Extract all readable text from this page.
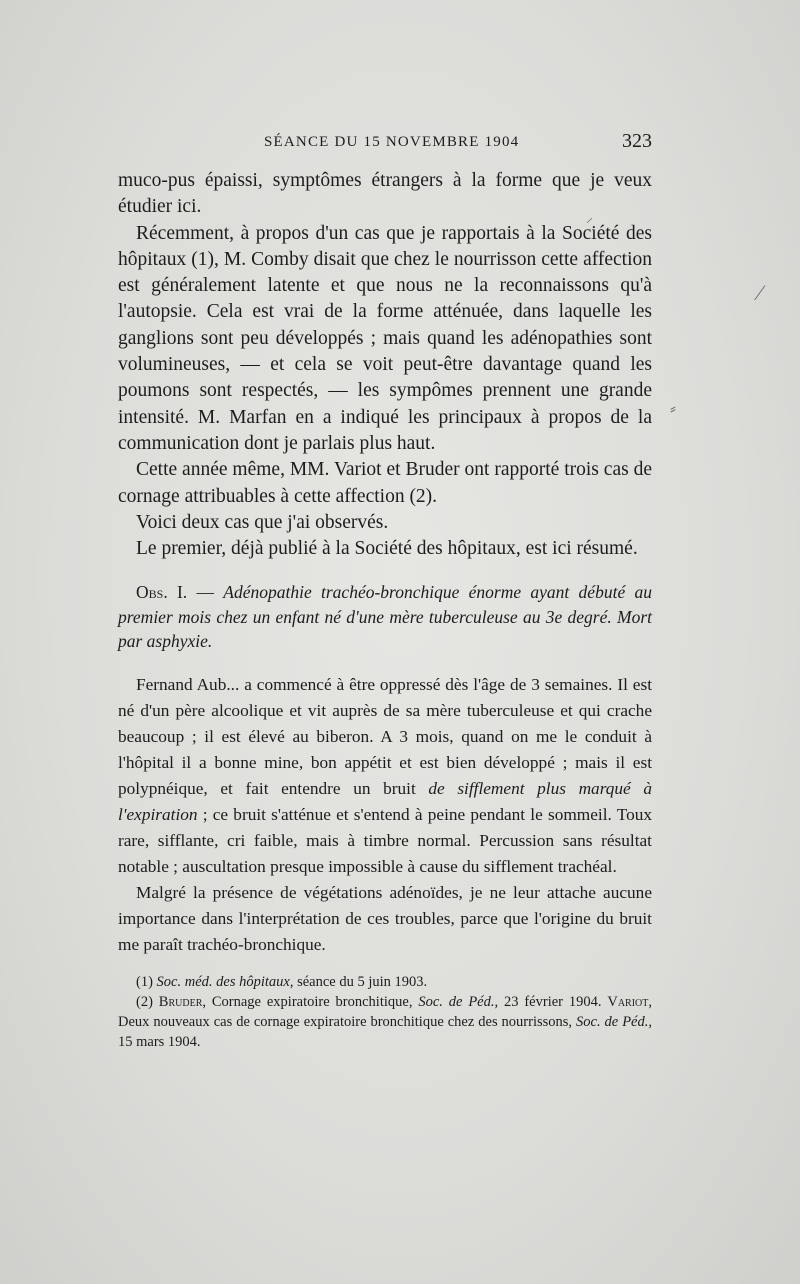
SÉANCE DU 15 NOVEMBRE 1904	323

muco-pus épaissi, symptômes étrangers à la forme que je veux étudier ici.

Récemment, à propos d'un cas que je rapportais à la Société des hôpitaux (1), M. Comby disait que chez le nourrisson cette affection est généralement latente et que nous ne la reconnaissons qu'à l'autopsie. Cela est vrai de la forme atténuée, dans laquelle les ganglions sont peu développés ; mais quand les adénopathies sont volumineuses, — et cela se voit peut-être davantage quand les poumons sont respectés, — les sympômes prennent une grande intensité. M. Marfan en a indiqué les principaux à propos de la communication dont je parlais plus haut.

Cette année même, MM. Variot et Bruder ont rapporté trois cas de cornage attribuables à cette affection (2).

Voici deux cas que j'ai observés.

Le premier, déjà publié à la Société des hôpitaux, est ici résumé.

Obs. I. — Adénopathie trachéo-bronchique énorme ayant débuté au premier mois chez un enfant né d'une mère tuberculeuse au 3e degré. Mort par asphyxie.

Fernand Aub... a commencé à être oppressé dès l'âge de 3 semaines. Il est né d'un père alcoolique et vit auprès de sa mère tuberculeuse et qui crache beaucoup ; il est élevé au biberon. A 3 mois, quand on me le conduit à l'hôpital il a bonne mine, bon appétit et est bien développé ; mais il est polypnéique, et fait entendre un bruit de sifflement plus marqué à l'expiration ; ce bruit s'atténue et s'entend à peine pendant le sommeil. Toux rare, sifflante, cri faible, mais à timbre normal. Percussion sans résultat notable ; auscultation presque impossible à cause du sifflement trachéal.

Malgré la présence de végétations adénoïdes, je ne leur attache aucune importance dans l'interprétation de ces troubles, parce que l'origine du bruit me paraît trachéo-bronchique.

(1) Soc. méd. des hôpitaux, séance du 5 juin 1903.

(2) Bruder, Cornage expiratoire bronchitique, Soc. de Péd., 23 février 1904. Variot, Deux nouveaux cas de cornage expiratoire bronchitique chez des nourrissons, Soc. de Péd., 15 mars 1904.

⁄
⸗
⸝
